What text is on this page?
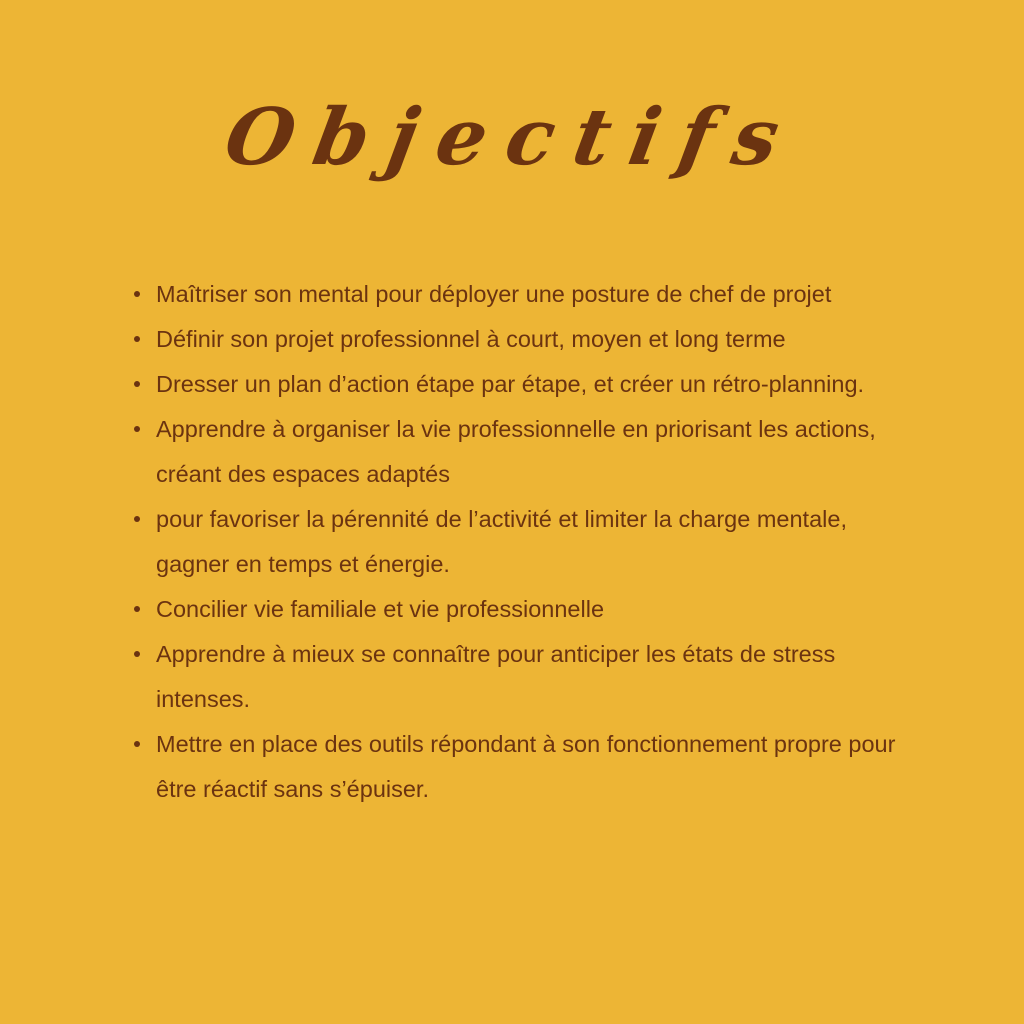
Objectifs
Maîtriser son mental pour déployer une posture de chef de projet
Définir son projet professionnel à court, moyen et long terme
Dresser un plan d’action étape par étape, et créer un rétro-planning.
Apprendre à organiser la vie professionnelle en priorisant les actions, créant des espaces adaptés
pour favoriser la pérennité de l’activité et limiter la charge mentale, gagner en temps et énergie.
Concilier vie familiale et vie professionnelle
Apprendre à mieux se connaître pour anticiper les états de stress intenses.
Mettre en place des outils répondant à son fonctionnement propre pour être réactif sans s’épuiser.
